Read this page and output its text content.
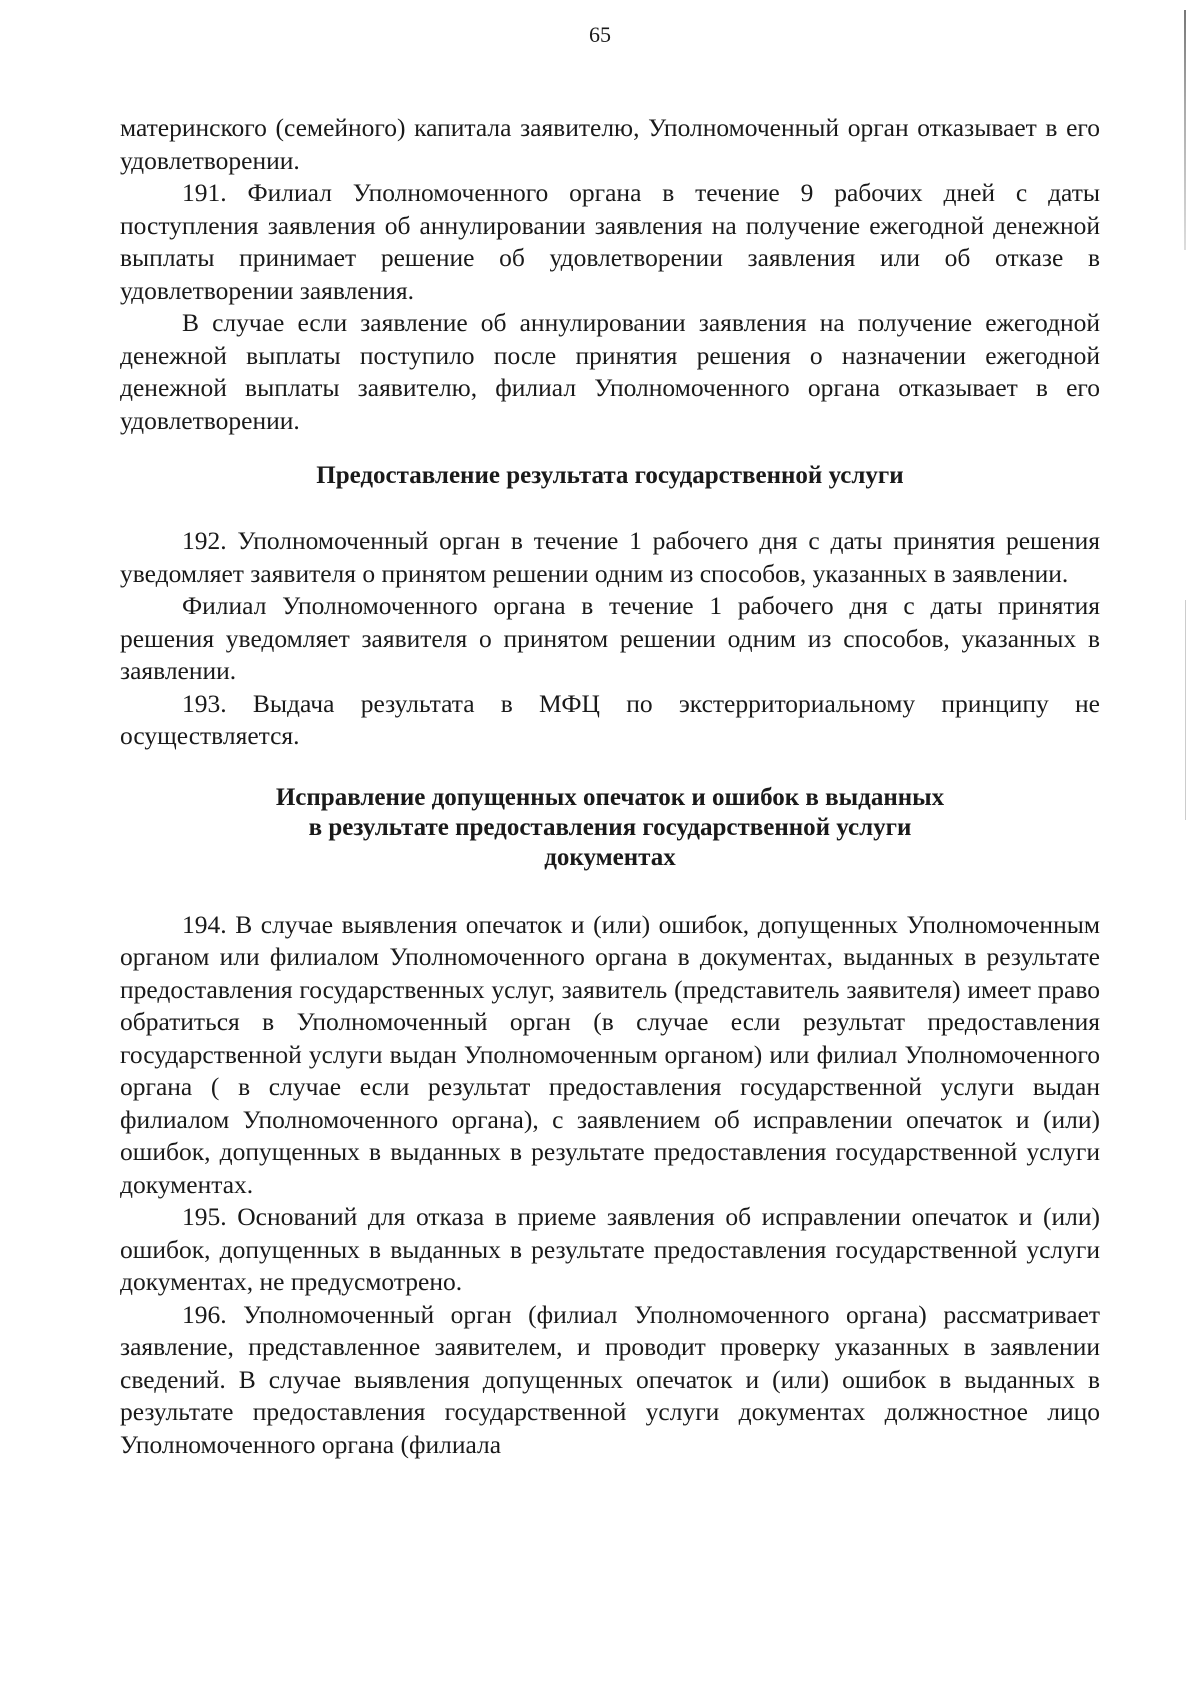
65

материнского (семейного) капитала заявителю, Уполномоченный орган отказывает в его удовлетворении.

191. Филиал Уполномоченного органа в течение 9 рабочих дней с даты поступления заявления об аннулировании заявления на получение ежегодной денежной выплаты принимает решение об удовлетворении заявления или об отказе в удовлетворении заявления.

В случае если заявление об аннулировании заявления на получение ежегодной денежной выплаты поступило после принятия решения о назначении ежегодной денежной выплаты заявителю, филиал Уполномоченного органа отказывает в его удовлетворении.

Предоставление результата государственной услуги

192. Уполномоченный орган в течение 1 рабочего дня с даты принятия решения уведомляет заявителя о принятом решении одним из способов, указанных в заявлении.

Филиал Уполномоченного органа в течение 1 рабочего дня с даты принятия решения уведомляет заявителя о принятом решении одним из способов, указанных в заявлении.

193. Выдача результата в МФЦ по экстерриториальному принципу не осуществляется.

Исправление допущенных опечаток и ошибок в выданных
в результате предоставления государственной услуги
документах

194. В случае выявления опечаток и (или) ошибок, допущенных Уполномоченным органом или филиалом Уполномоченного органа в документах, выданных в результате предоставления государственных услуг, заявитель (представитель заявителя) имеет право обратиться в Уполномоченный орган (в случае если результат предоставления государственной услуги выдан Уполномоченным органом) или филиал Уполномоченного органа ( в случае если результат предоставления государственной услуги выдан филиалом Уполномоченного органа), с заявлением об исправлении опечаток и (или) ошибок, допущенных в выданных в результате предоставления государственной услуги документах.

195. Оснований для отказа в приеме заявления об исправлении опечаток и (или) ошибок, допущенных в выданных в результате предоставления государственной услуги документах, не предусмотрено.

196. Уполномоченный орган (филиал Уполномоченного органа) рассматривает заявление, представленное заявителем, и проводит проверку указанных в заявлении сведений. В случае выявления допущенных опечаток и (или) ошибок в выданных в результате предоставления государственной услуги документах должностное лицо Уполномоченного органа (филиала
